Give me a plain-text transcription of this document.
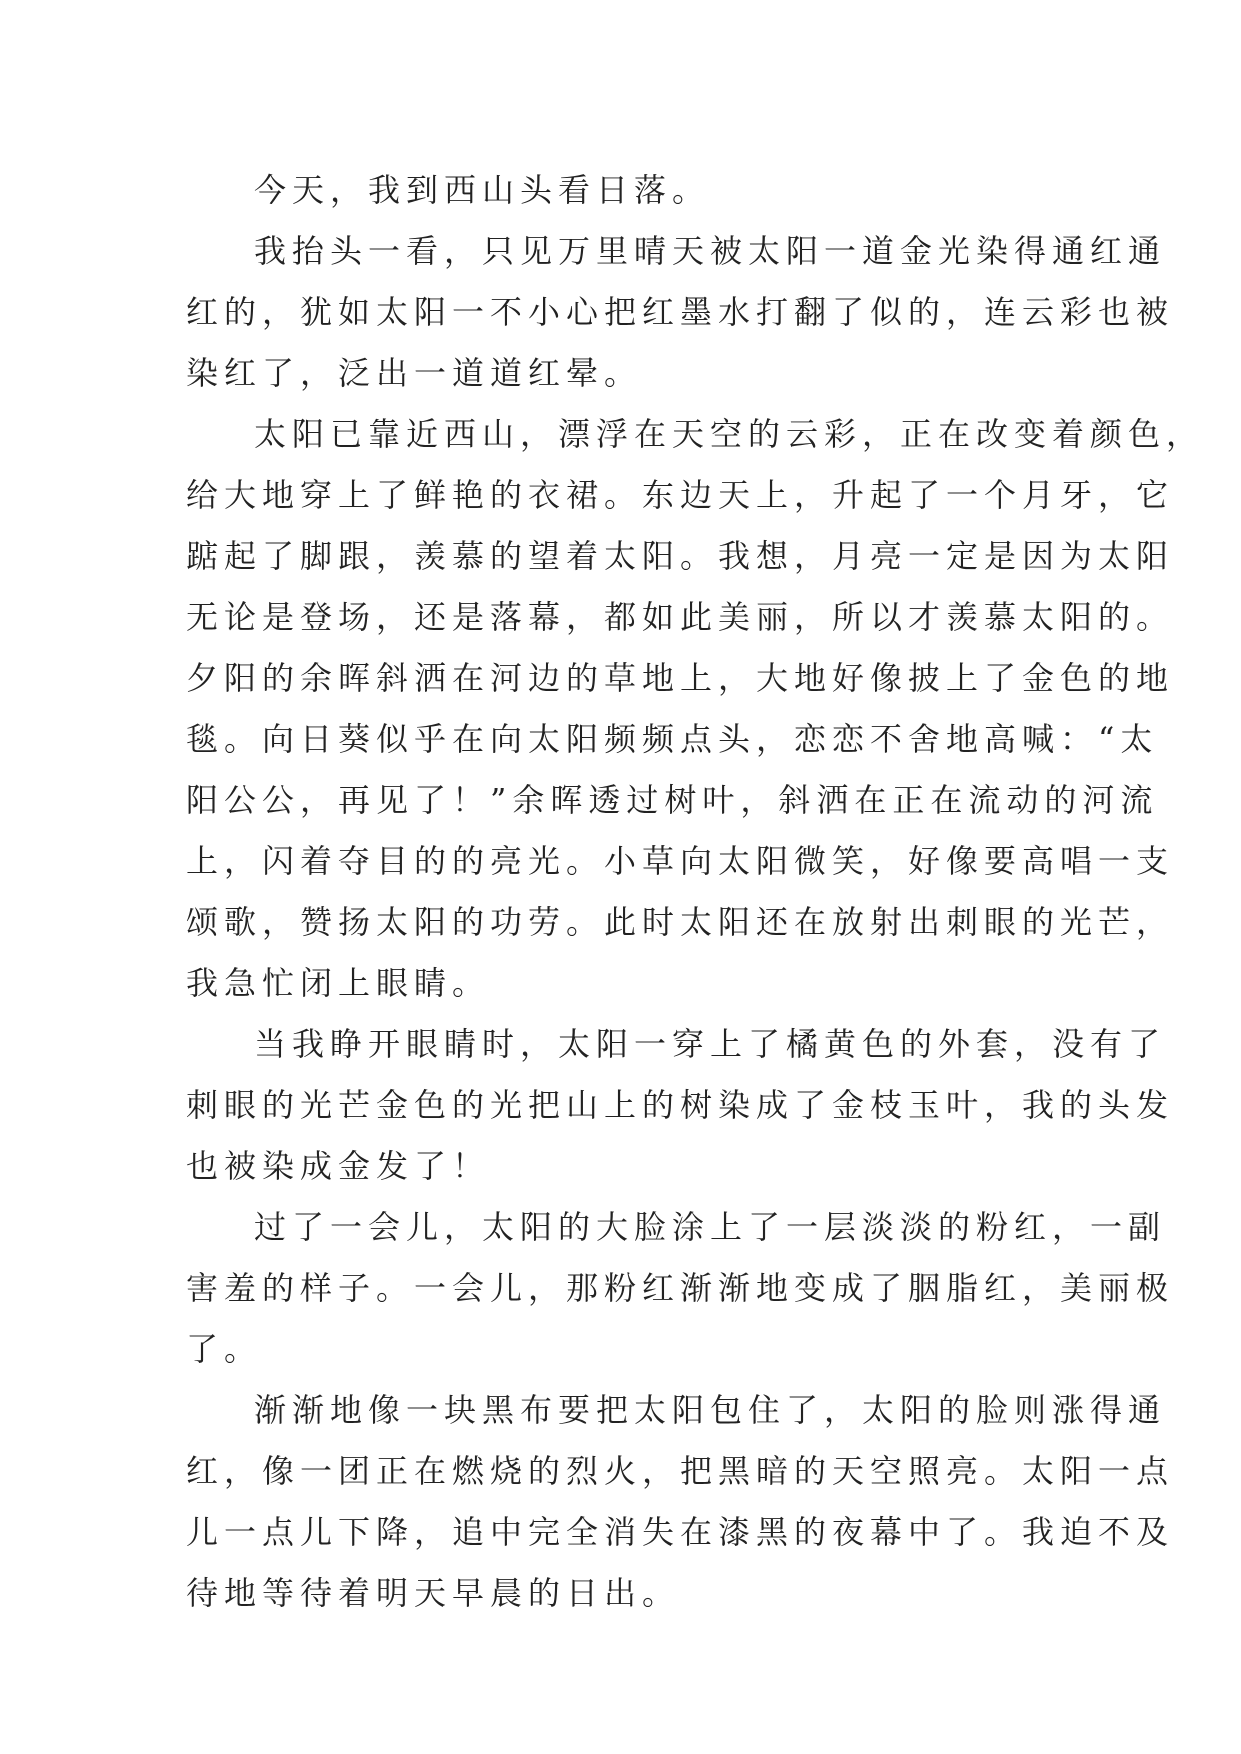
今天，我到西山头看日落。

我抬头一看，只见万里晴天被太阳一道金光染得通红通
红的，犹如太阳一不小心把红墨水打翻了似的，连云彩也被
染红了，泛出一道道红晕。

太阳已靠近西山，漂浮在天空的云彩，正在改变着颜色，
给大地穿上了鲜艳的衣裙。东边天上，升起了一个月牙，它
踮起了脚跟，羡慕的望着太阳。我想，月亮一定是因为太阳
无论是登场，还是落幕，都如此美丽，所以才羡慕太阳的。
夕阳的余晖斜洒在河边的草地上，大地好像披上了金色的地
毯。向日葵似乎在向太阳频频点头，恋恋不舍地高喊：“太
阳公公，再见了！”余晖透过树叶，斜洒在正在流动的河流
上，闪着夺目的的亮光。小草向太阳微笑，好像要高唱一支
颂歌，赞扬太阳的功劳。此时太阳还在放射出刺眼的光芒，
我急忙闭上眼睛。

当我睁开眼睛时，太阳一穿上了橘黄色的外套，没有了
刺眼的光芒金色的光把山上的树染成了金枝玉叶，我的头发
也被染成金发了！

过了一会儿，太阳的大脸涂上了一层淡淡的粉红，一副
害羞的样子。一会儿，那粉红渐渐地变成了胭脂红，美丽极
了。

渐渐地像一块黑布要把太阳包住了，太阳的脸则涨得通
红，像一团正在燃烧的烈火，把黑暗的天空照亮。太阳一点
儿一点儿下降，追中完全消失在漆黑的夜幕中了。我迫不及
待地等待着明天早晨的日出。
